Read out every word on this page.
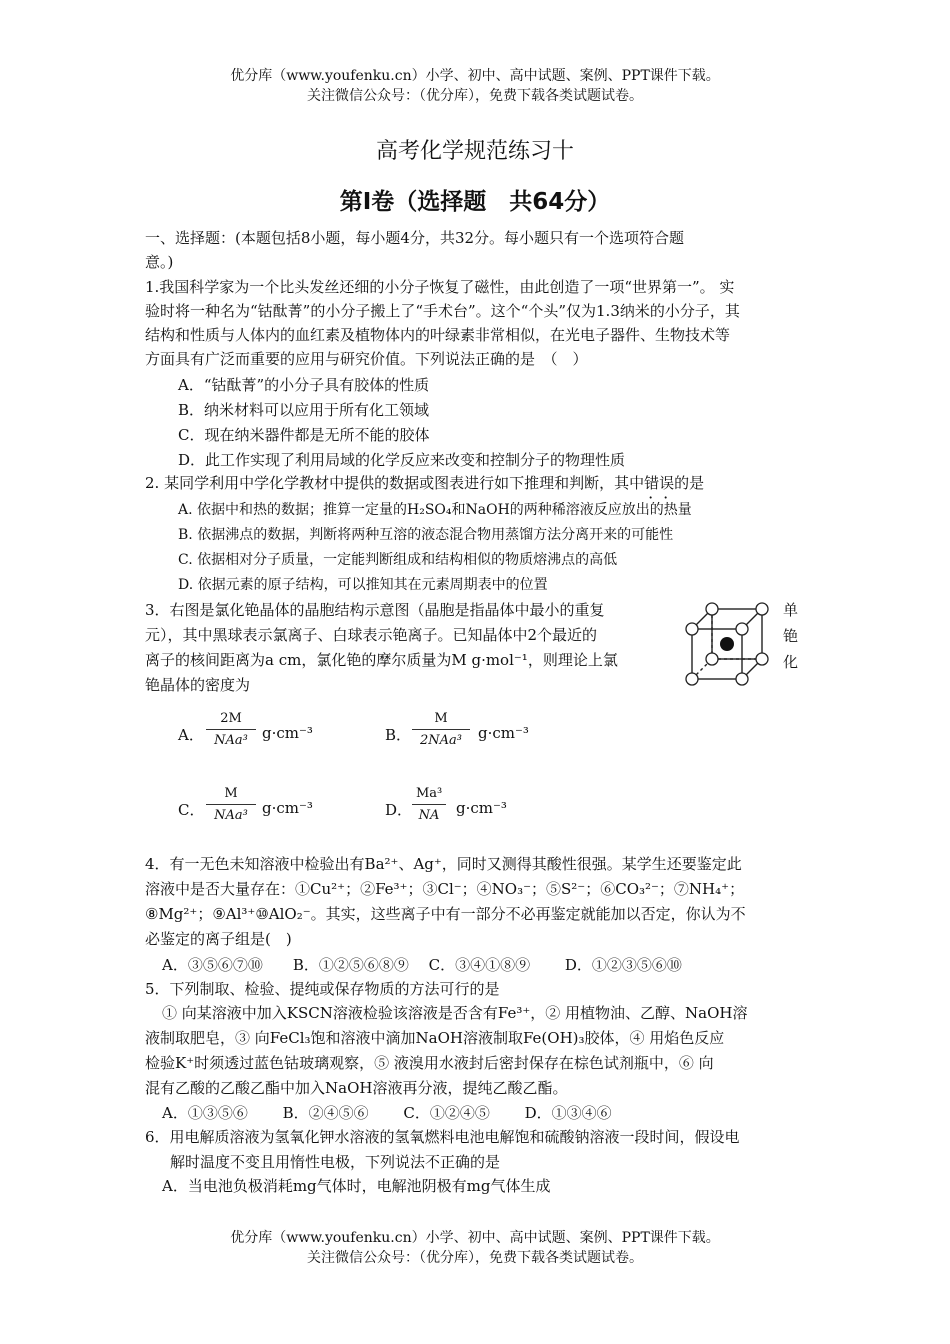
优分库（www.youfenku.cn）小学、初中、高中试题、案例、PPT课件下载。
关注微信公众号：（优分库），免费下载各类试题试卷。
高考化学规范练习十
第Ⅰ卷（选择题　共64分）
一、选择题：(本题包括8小题，每小题4分，共32分。每小题只有一个选项符合题
意。)
1.我国科学家为一个比头发丝还细的小分子恢复了磁性，由此创造了一项“世界第一”。 实
验时将一种名为“钴酞菁”的小分子搬上了“手术台”。这个“个头”仅为1.3纳米的小分子，其
结构和性质与人体内的血红素及植物体内的叶绿素非常相似，在光电子器件、生物技术等
方面具有广泛而重要的应用与研究价值。下列说法正确的是　（　）
A．“钴酞菁”的小分子具有胶体的性质
B．纳米材料可以应用于所有化工领域
C．现在纳米器件都是无所不能的胶体
D．此工作实现了利用局域的化学反应来改变和控制分子的物理性质
2. 某同学利用中学化学教材中提供的数据或图表进行如下推理和判断，其中错误的是
A. 依据中和热的数据；推算一定量的H₂SO₄和NaOH的两种稀溶液反应放出的热量
B. 依据沸点的数据，判断将两种互溶的液态混合物用蒸馏方法分离开来的可能性
C. 依据相对分子质量，一定能判断组成和结构相似的物质熔沸点的高低
D. 依据元素的原子结构，可以推知其在元素周期表中的位置
3．右图是氯化铯晶体的晶胞结构示意图（晶胞是指晶体中最小的重复
元），其中黑球表示氯离子、白球表示铯离子。已知晶体中2个最近的
离子的核间距离为a cm，氯化铯的摩尔质量为M g·mol⁻¹，则理论上氯
铯晶体的密度为
单
铯
化
A．
2M
NAa³ g·cm⁻³	B．
M
2NAa³	g·cm⁻³
C．
M
NAa³ g·cm⁻³	D． $\frac{\text{Ma³}}{NA} g\cdot cm^{-3}$
4．有一无色未知溶液中检验出有Ba²⁺、Ag⁺，同时又测得其酸性很强。某学生还要鉴定此
溶液中是否大量存在：①Cu²⁺；②Fe³⁺；③Cl⁻；④NO₃⁻；⑤S²⁻；⑥CO₃²⁻；⑦NH₄⁺；
⑧Mg²⁺；⑨Al³⁺⑩AlO₂⁻。其实，这些离子中有一部分不必再鉴定就能加以否定，你认为不
必鉴定的离子组是(　)
A．③⑤⑥⑦⑩　　B．①②⑤⑥⑧⑨　 C．③④①⑧⑨　　 D．①②③⑤⑥⑩
5．下列制取、检验、提纯或保存物质的方法可行的是
① 向某溶液中加入KSCN溶液检验该溶液是否含有Fe³⁺，② 用植物油、乙醇、NaOH溶
液制取肥皂，③ 向FeCl₃饱和溶液中滴加NaOH溶液制取Fe(OH)₃胶体，④ 用焰色反应
检验K⁺时须透过蓝色钴玻璃观察，⑤ 液溴用水液封后密封保存在棕色试剂瓶中，⑥ 向
混有乙酸的乙酸乙酯中加入NaOH溶液再分液，提纯乙酸乙酯。
A．①③⑤⑥　　 B．②④⑤⑥　　 C．①②④⑤　　 D．①③④⑥
6．用电解质溶液为氢氧化钾水溶液的氢氧燃料电池电解饱和硫酸钠溶液一段时间，假设电
解时温度不变且用惰性电极，下列说法不正确的是
A．当电池负极消耗mg气体时，电解池阴极有mg气体生成
优分库（www.youfenku.cn）小学、初中、高中试题、案例、PPT课件下载。
关注微信公众号：（优分库），免费下载各类试题试卷。
